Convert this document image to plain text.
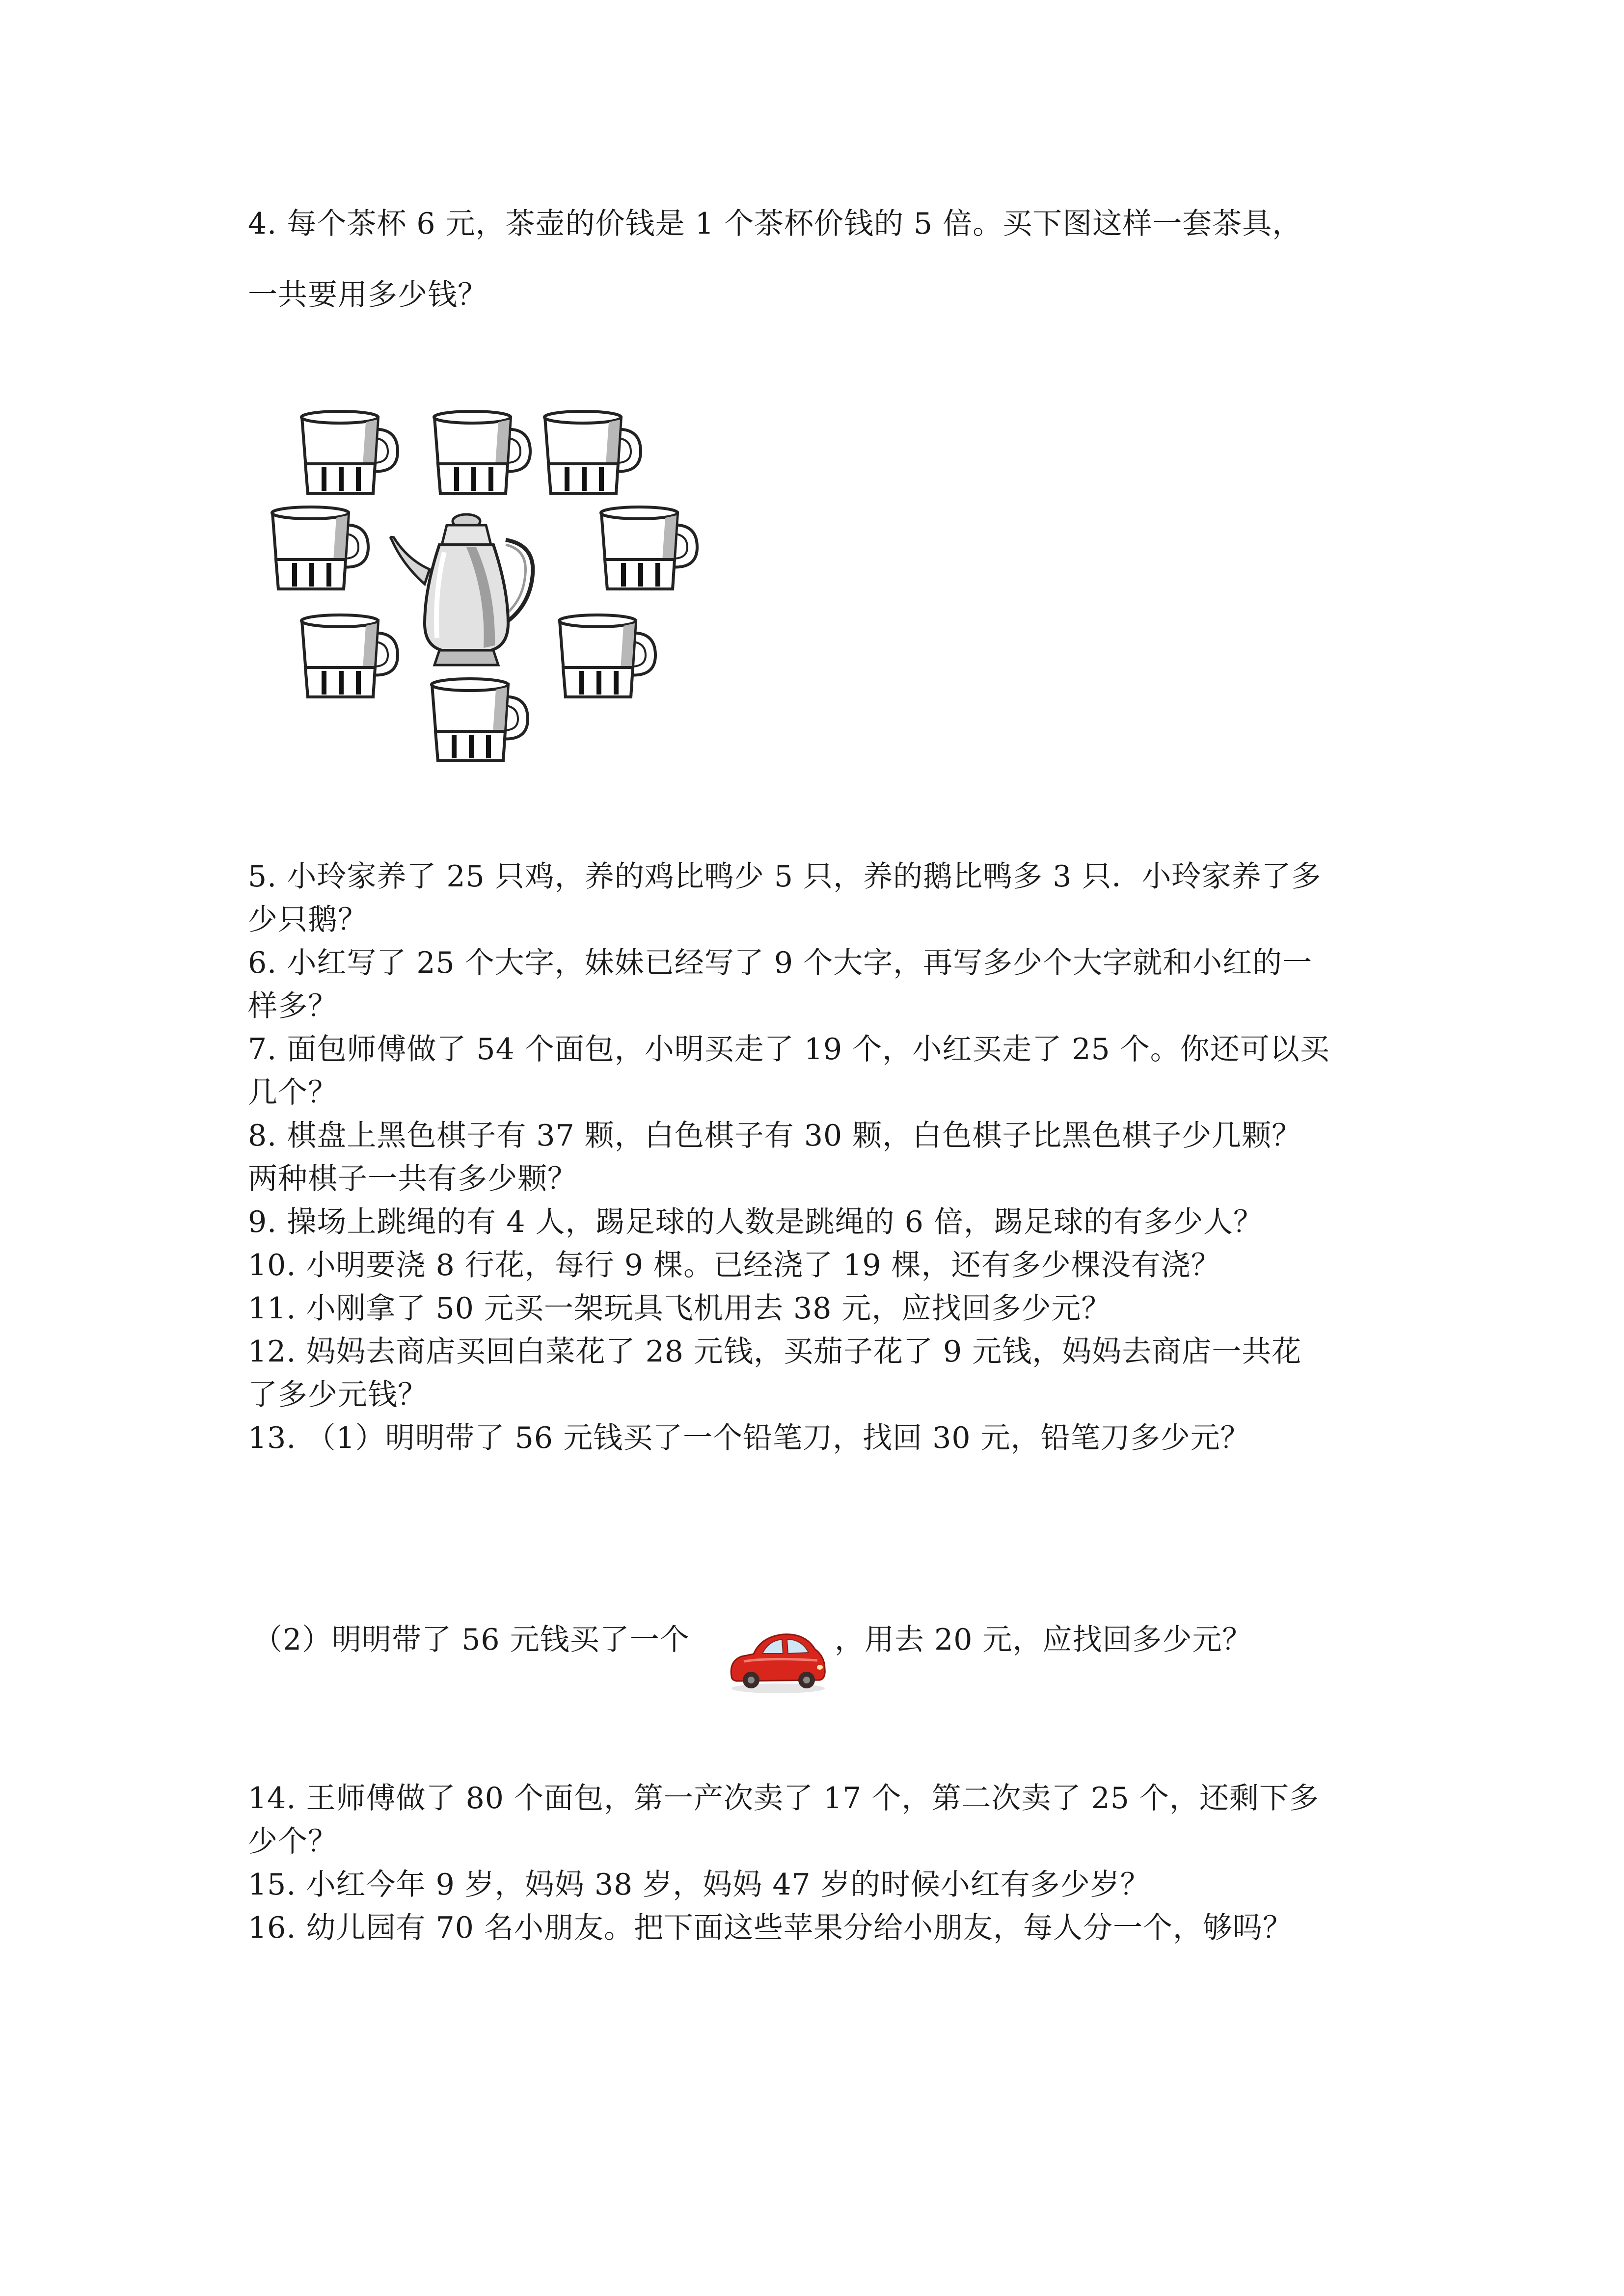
4. 每个茶杯 6 元，茶壶的价钱是 1 个茶杯价钱的 5 倍。买下图这样一套茶具，
一共要用多少钱？
5. 小玲家养了 25 只鸡，养的鸡比鸭少 5 只，养的鹅比鸭多 3 只．小玲家养了多
少只鹅？
6. 小红写了 25 个大字，妹妹已经写了 9 个大字，再写多少个大字就和小红的一
样多？
7. 面包师傅做了 54 个面包，小明买走了 19 个，小红买走了 25 个。你还可以买
几个？
8. 棋盘上黑色棋子有 37 颗，白色棋子有 30 颗，白色棋子比黑色棋子少几颗？
两种棋子一共有多少颗？
9. 操场上跳绳的有 4 人，踢足球的人数是跳绳的 6 倍，踢足球的有多少人？
10. 小明要浇 8 行花，每行 9 棵。已经浇了 19 棵，还有多少棵没有浇？
11. 小刚拿了 50 元买一架玩具飞机用去 38 元，应找回多少元？
12. 妈妈去商店买回白菜花了 28 元钱，买茄子花了 9 元钱，妈妈去商店一共花
了多少元钱？
13. （1）明明带了 56 元钱买了一个铅笔刀，找回 30 元，铅笔刀多少元？
（2）明明带了 56 元钱买了一个	，用去 20 元，应找回多少元？
14. 王师傅做了 80 个面包，第一产次卖了 17 个，第二次卖了 25 个，还剩下多
少个？
15. 小红今年 9 岁，妈妈 38 岁，妈妈 47 岁的时候小红有多少岁？
16. 幼儿园有 70 名小朋友。把下面这些苹果分给小朋友，每人分一个，够吗？
